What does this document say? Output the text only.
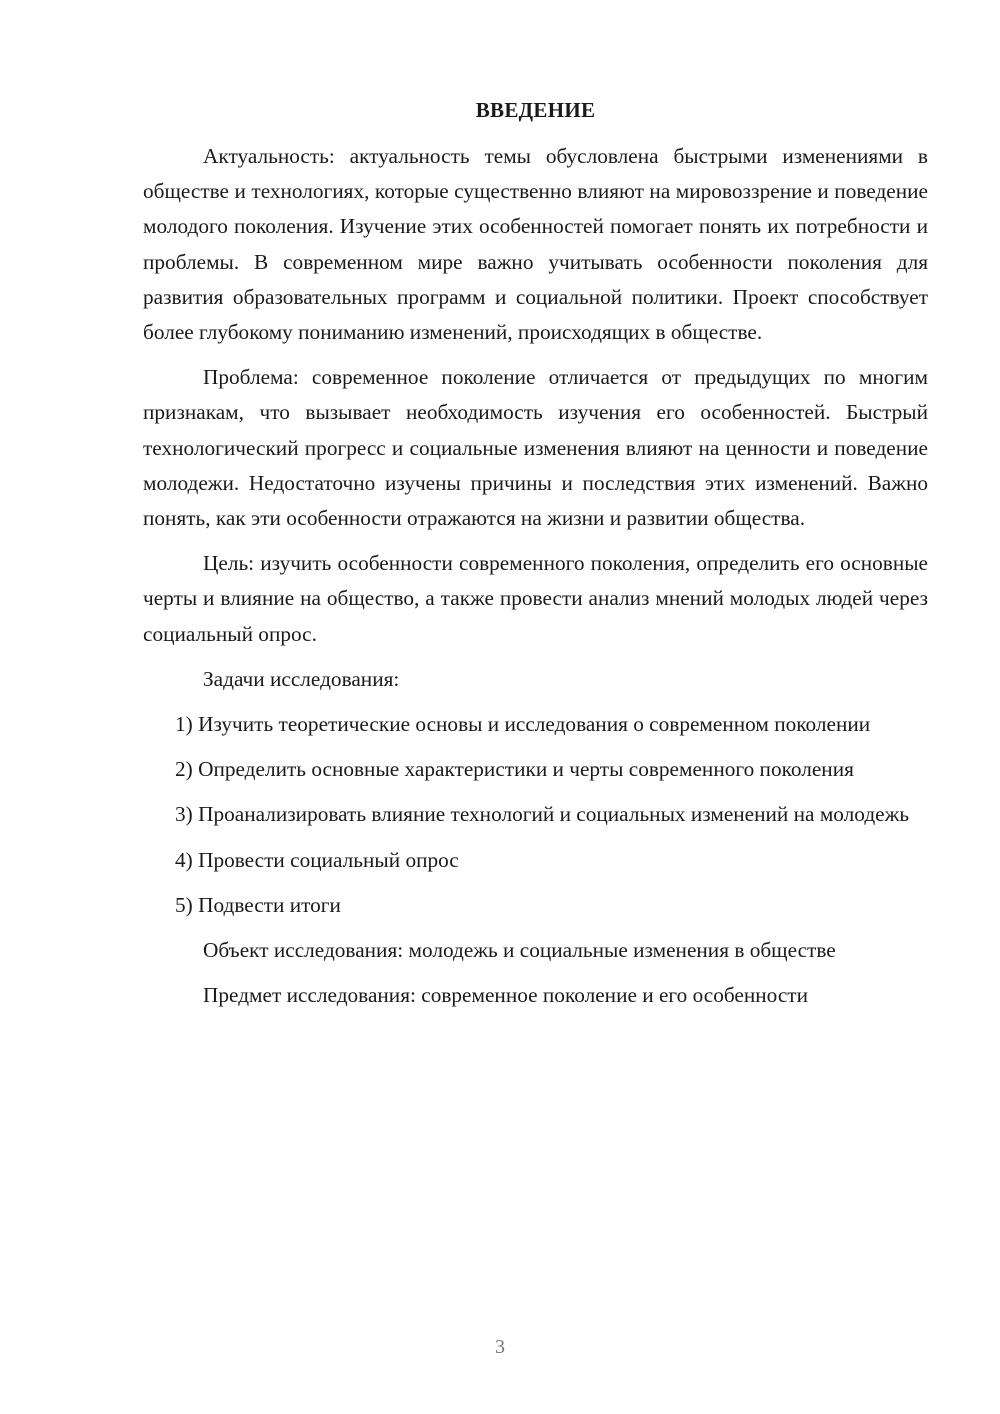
ВВЕДЕНИЕ

Актуальность: актуальность темы обусловлена быстрыми изменениями в обществе и технологиях, которые существенно влияют на мировоззрение и поведение молодого поколения. Изучение этих особенностей помогает понять их потребности и проблемы. В современном мире важно учитывать особенности поколения для развития образовательных программ и социальной политики. Проект способствует более глубокому пониманию изменений, происходящих в обществе.

Проблема: современное поколение отличается от предыдущих по многим признакам, что вызывает необходимость изучения его особенностей. Быстрый технологический прогресс и социальные изменения влияют на ценности и поведение молодежи. Недостаточно изучены причины и последствия этих изменений. Важно понять, как эти особенности отражаются на жизни и развитии общества.

Цель: изучить особенности современного поколения, определить его основные черты и влияние на общество, а также провести анализ мнений молодых людей через социальный опрос.

Задачи исследования:

1) Изучить теоретические основы и исследования о современном поколении

2) Определить основные характеристики и черты современного поколения

3) Проанализировать влияние технологий и социальных изменений на молодежь

4) Провести социальный опрос

5) Подвести итоги

Объект исследования: молодежь и социальные изменения в обществе

Предмет исследования: современное поколение и его особенности

3
